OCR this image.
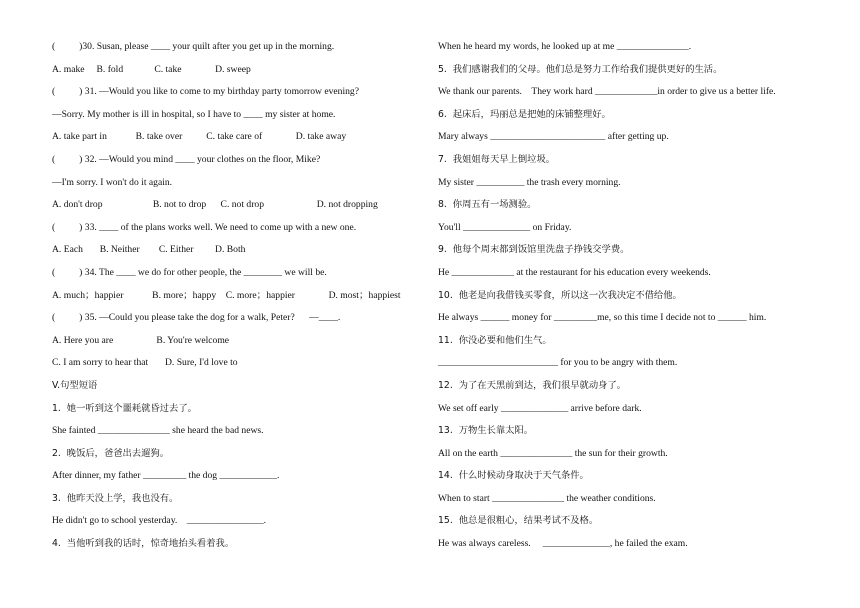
(          )30. Susan, please ____ your quilt after you get up in the morning.
A. make     B. fold             C. take              D. sweep
(          ) 31. —Would you like to come to my birthday party tomorrow evening?
—Sorry. My mother is ill in hospital, so I have to ____ my sister at home.
A. take part in            B. take over          C. take care of              D. take away
(          ) 32. —Would you mind ____ your clothes on the floor, Mike?
—I'm sorry. I won't do it again.
A. don't drop                     B. not to drop      C. not drop                      D. not dropping
(          ) 33. ____ of the plans works well. We need to come up with a new one.
A. Each       B. Neither        C. Either         D. Both
(          ) 34. The ____ we do for other people, the ________ we will be.
A. much；happier            B. more；happy    C. more；happier              D. most；happiest
(          ) 35. —Could you please take the dog for a walk, Peter?      —____.
A. Here you are                  B. You're welcome
C. I am sorry to hear that       D. Sure, I'd love to
V.句型短语
1.  她一听到这个噩耗就昏过去了。
She fainted _______________ she heard the bad news.
2.  晚饭后，爸爸出去遛狗。
After dinner, my father _________ the dog ____________.
3.  他昨天没上学，我也没有。
He didn't go to school yesterday.    ________________.
4.  当他听到我的话时，惊奇地抬头看着我。
When he heard my words, he looked up at me _______________.
5.  我们感谢我们的父母。他们总是努力工作给我们提供更好的生活。
We thank our parents.    They work hard _____________in order to give us a better life.
6.  起床后，玛丽总是把她的床铺整理好。
Mary always ________________________ after getting up.
7.  我姐姐每天早上倒垃圾。
My sister __________ the trash every morning.
8.  你周五有一场测验。
You'll ______________ on Friday.
9.  他每个周末都到饭馆里洗盘子挣钱交学费。
He _____________ at the restaurant for his education every weekends.
10.  他老是向我借钱买零食，所以这一次我决定不借给他。
He always ______ money for _________me, so this time I decide not to ______ him.
11.  你没必要和他们生气。
_________________________ for you to be angry with them.
12.  为了在天黑前到达，我们很早就动身了。
We set off early ______________ arrive before dark.
13.  万物生长靠太阳。
All on the earth _______________ the sun for their growth.
14.  什么时候动身取决于天气条件。
When to start _______________ the weather conditions.
15.  他总是很粗心，结果考试不及格。
He was always careless.     ______________, he failed the exam.
